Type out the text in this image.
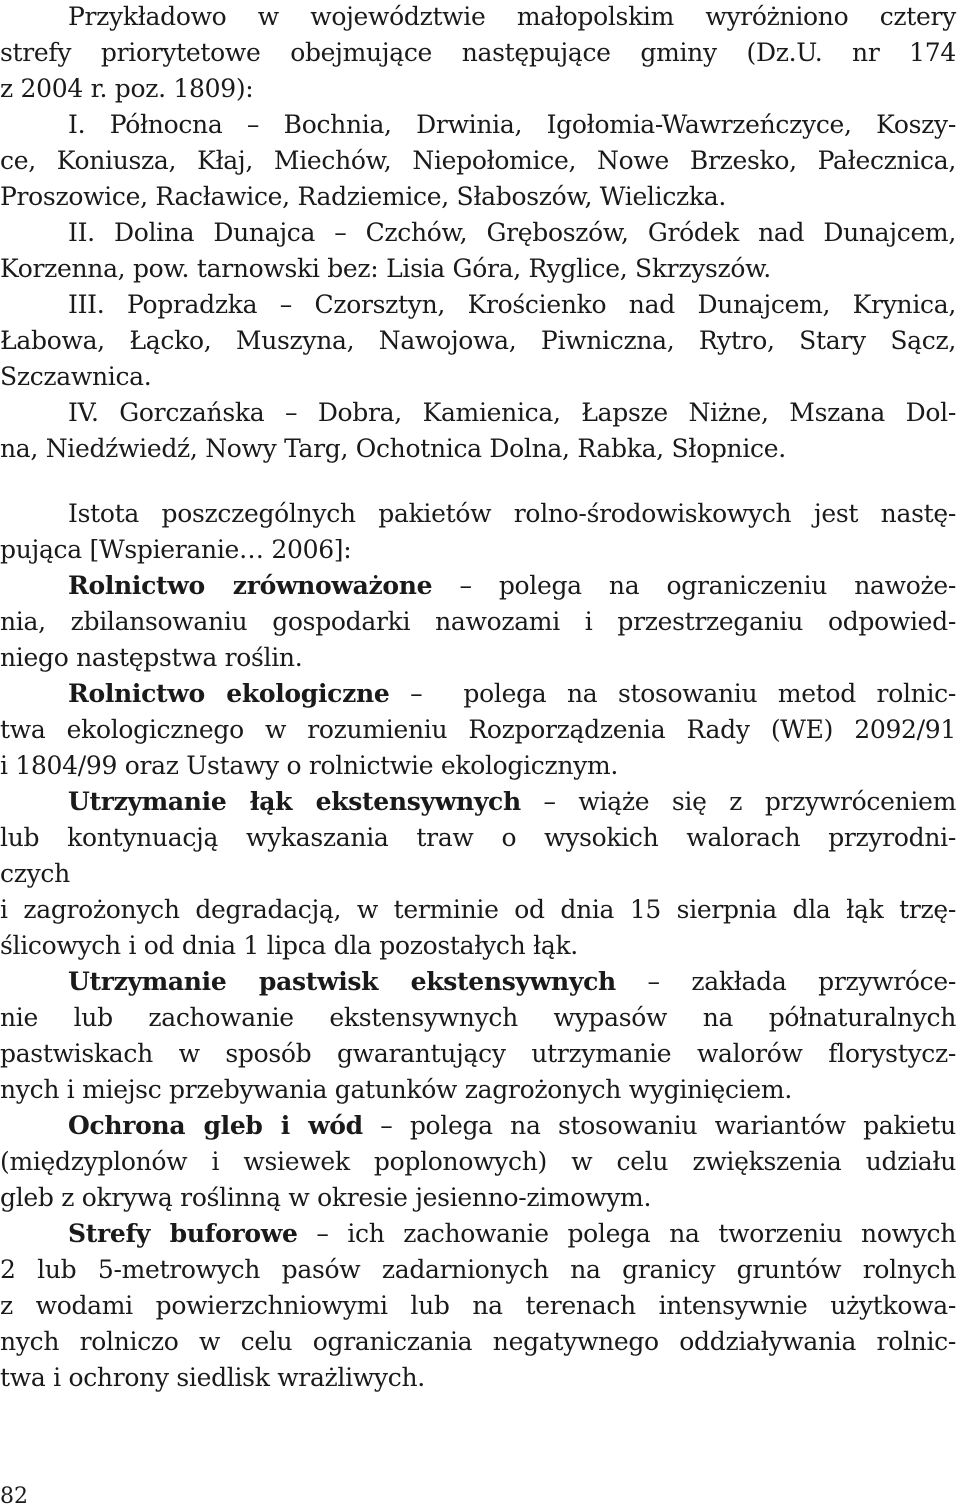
Przykładowo w województwie małopolskim wyróżniono cztery
strefy priorytetowe obejmujące następujące gminy (Dz.U. nr 174
z 2004 r. poz. 1809):
I. Północna – Bochnia, Drwinia, Igołomia-Wawrzeńczyce, Koszy-
ce, Koniusza, Kłaj, Miechów, Niepołomice, Nowe Brzesko, Pałecznica,
Proszowice, Racławice, Radziemice, Słaboszów, Wieliczka.
II. Dolina Dunajca – Czchów, Gręboszów, Gródek nad Dunajcem,
Korzenna, pow. tarnowski bez: Lisia Góra, Ryglice, Skrzyszów.
III. Popradzka – Czorsztyn, Krościenko nad Dunajcem, Krynica,
Łabowa, Łącko, Muszyna, Nawojowa, Piwniczna, Rytro, Stary Sącz,
Szczawnica.
IV. Gorczańska – Dobra, Kamienica, Łapsze Niżne, Mszana Dol-
na, Niedźwiedź, Nowy Targ, Ochotnica Dolna, Rabka, Słopnice.
Istota poszczególnych pakietów rolno-środowiskowych jest nastę-
pująca [Wspieranie… 2006]:
Rolnictwo zrównoważone – polega na ograniczeniu nawoże-
nia, zbilansowaniu gospodarki nawozami i przestrzeganiu odpowied-
niego następstwa roślin.
Rolnictwo ekologiczne –  polega na stosowaniu metod rolnic-
twa ekologicznego w rozumieniu Rozporządzenia Rady (WE) 2092/91
i 1804/99 oraz Ustawy o rolnictwie ekologicznym.
Utrzymanie łąk ekstensywnych – wiąże się z przywróceniem
lub kontynuacją wykaszania traw o wysokich walorach przyrodni-
czych
i zagrożonych degradacją, w terminie od dnia 15 sierpnia dla łąk trzę-
ślicowych i od dnia 1 lipca dla pozostałych łąk.
Utrzymanie pastwisk ekstensywnych – zakłada przywróce-
nie lub zachowanie ekstensywnych wypasów na półnaturalnych
pastwiskach w sposób gwarantujący utrzymanie walorów florystycz-
nych i miejsc przebywania gatunków zagrożonych wyginięciem.
Ochrona gleb i wód – polega na stosowaniu wariantów pakietu
(międzyplonów i wsiewek poplonowych) w celu zwiększenia udziału
gleb z okrywą roślinną w okresie jesienno-zimowym.
Strefy buforowe – ich zachowanie polega na tworzeniu nowych
2 lub 5-metrowych pasów zadarnionych na granicy gruntów rolnych
z wodami powierzchniowymi lub na terenach intensywnie użytkowa-
nych rolniczo w celu ograniczania negatywnego oddziaływania rolnic-
twa i ochrony siedlisk wrażliwych.
82
